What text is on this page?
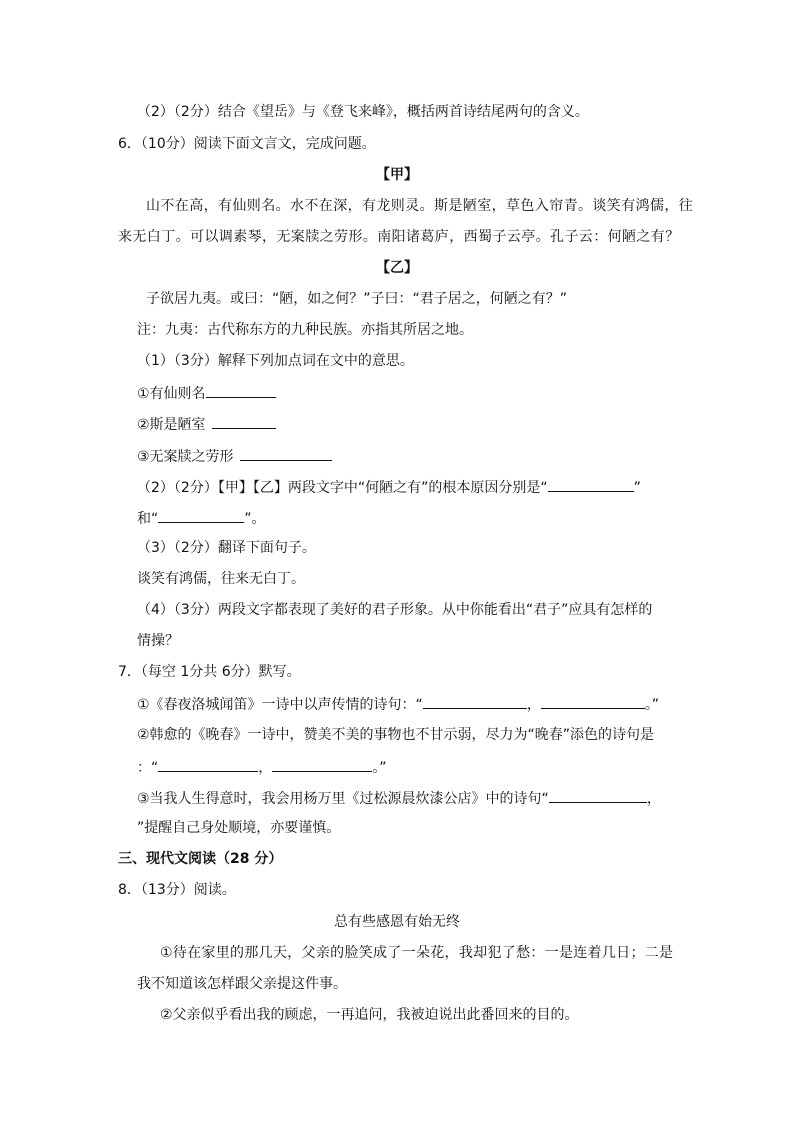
（2）（2分）结合《望岳》与《登飞来峰》，概括两首诗结尾两句的含义。
6．（10分）阅读下面文言文，完成问题。
【甲】
山不在高，有仙则名。水不在深，有龙则灵。斯是陋室，草色入帘青。谈笑有鸿儒，往
来无白丁。可以调素琴，无案牍之劳形。南阳诸葛庐，西蜀子云亭。孔子云：何陋之有？
【乙】
子欲居九夷。或曰：“陋，如之何？”子曰：“君子居之，何陋之有？”
注：九夷：古代称东方的九种民族。亦指其所居之地。
（1）（3分）解释下列加点词在文中的意思。
①有仙则名
②斯是陋室
③无案牍之劳形
（2）（2分）【甲】【乙】两段文字中“何陋之有”的根本原因分别是“	”
和“	”。
（3）（2分）翻译下面句子。
谈笑有鸿儒，往来无白丁。
（4）（3分）两段文字都表现了美好的君子形象。从中你能看出“君子”应具有怎样的
情操？
7．（每空 1分共 6分）默写。
①《春夜洛城闻笛》一诗中以声传情的诗句：“	，	。”
②韩愈的《晚春》一诗中，赞美不美的事物也不甘示弱，尽力为“晚春”添色的诗句是
：“	，	。”
③当我人生得意时，我会用杨万里《过松源晨炊漆公店》中的诗句“	，
”提醒自己身处顺境，亦要谨慎。
三、现代文阅读（28 分）
8．（13分）阅读。
总有些感恩有始无终
①待在家里的那几天，父亲的脸笑成了一朵花，我却犯了愁：一是连着几日；二是
我不知道该怎样跟父亲提这件事。
②父亲似乎看出我的顾虑，一再追问，我被迫说出此番回来的目的。
